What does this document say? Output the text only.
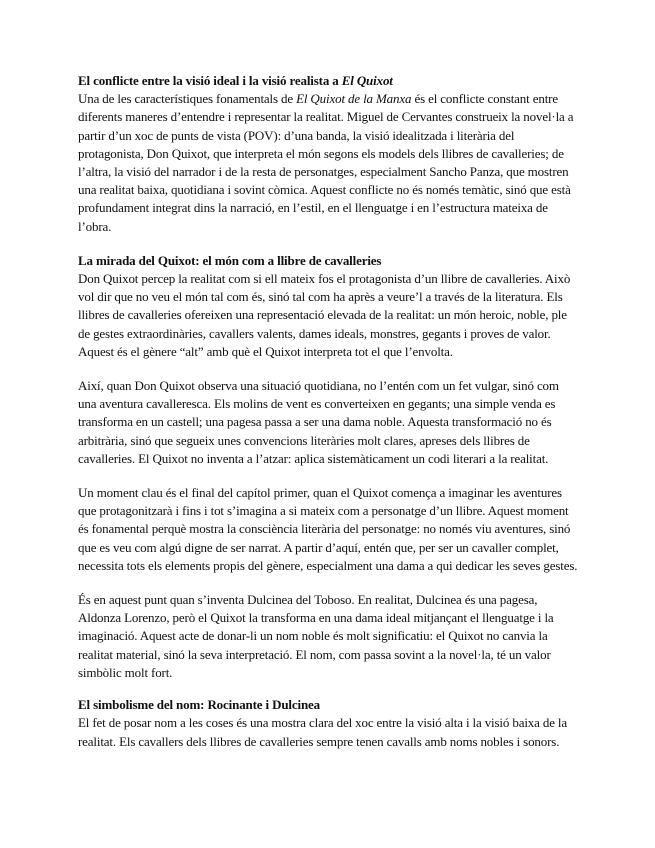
El conflicte entre la visió ideal i la visió realista a El Quixot

Una de les característiques fonamentals de El Quixot de la Manxa és el conflicte constant entre diferents maneres d’entendre i representar la realitat. Miguel de Cervantes construeix la novel·la a partir d’un xoc de punts de vista (POV): d’una banda, la visió idealitzada i literària del protagonista, Don Quixot, que interpreta el món segons els models dels llibres de cavalleries; de l’altra, la visió del narrador i de la resta de personatges, especialment Sancho Panza, que mostren una realitat baixa, quotidiana i sovint còmica. Aquest conflicte no és només temàtic, sinó que està profundament integrat dins la narració, en l’estil, en el llenguatge i en l’estructura mateixa de l’obra.

La mirada del Quixot: el món com a llibre de cavalleries

Don Quixot percep la realitat com si ell mateix fos el protagonista d’un llibre de cavalleries. Això vol dir que no veu el món tal com és, sinó tal com ha après a veure’l a través de la literatura. Els llibres de cavalleries ofereixen una representació elevada de la realitat: un món heroic, noble, ple de gestes extraordinàries, cavallers valents, dames ideals, monstres, gegants i proves de valor. Aquest és el gènere “alt” amb què el Quixot interpreta tot el que l’envolta.

Així, quan Don Quixot observa una situació quotidiana, no l’entén com un fet vulgar, sinó com una aventura cavalleresca. Els molins de vent es converteixen en gegants; una simple venda es transforma en un castell; una pagesa passa a ser una dama noble. Aquesta transformació no és arbitrària, sinó que segueix unes convencions literàries molt clares, apreses dels llibres de cavalleries. El Quixot no inventa a l’atzar: aplica sistemàticament un codi literari a la realitat.

Un moment clau és el final del capítol primer, quan el Quixot comença a imaginar les aventures que protagonitzarà i fins i tot s’imagina a si mateix com a personatge d’un llibre. Aquest moment és fonamental perquè mostra la consciència literària del personatge: no només viu aventures, sinó que es veu com algú digne de ser narrat. A partir d’aquí, entén que, per ser un cavaller complet, necessita tots els elements propis del gènere, especialment una dama a qui dedicar les seves gestes.

És en aquest punt quan s’inventa Dulcinea del Toboso. En realitat, Dulcinea és una pagesa, Aldonza Lorenzo, però el Quixot la transforma en una dama ideal mitjançant el llenguatge i la imaginació. Aquest acte de donar-li un nom noble és molt significatiu: el Quixot no canvia la realitat material, sinó la seva interpretació. El nom, com passa sovint a la novel·la, té un valor simbòlic molt fort.

El simbolisme del nom: Rocinante i Dulcinea

El fet de posar nom a les coses és una mostra clara del xoc entre la visió alta i la visió baixa de la realitat. Els cavallers dels llibres de cavalleries sempre tenen cavalls amb noms nobles i sonors.
